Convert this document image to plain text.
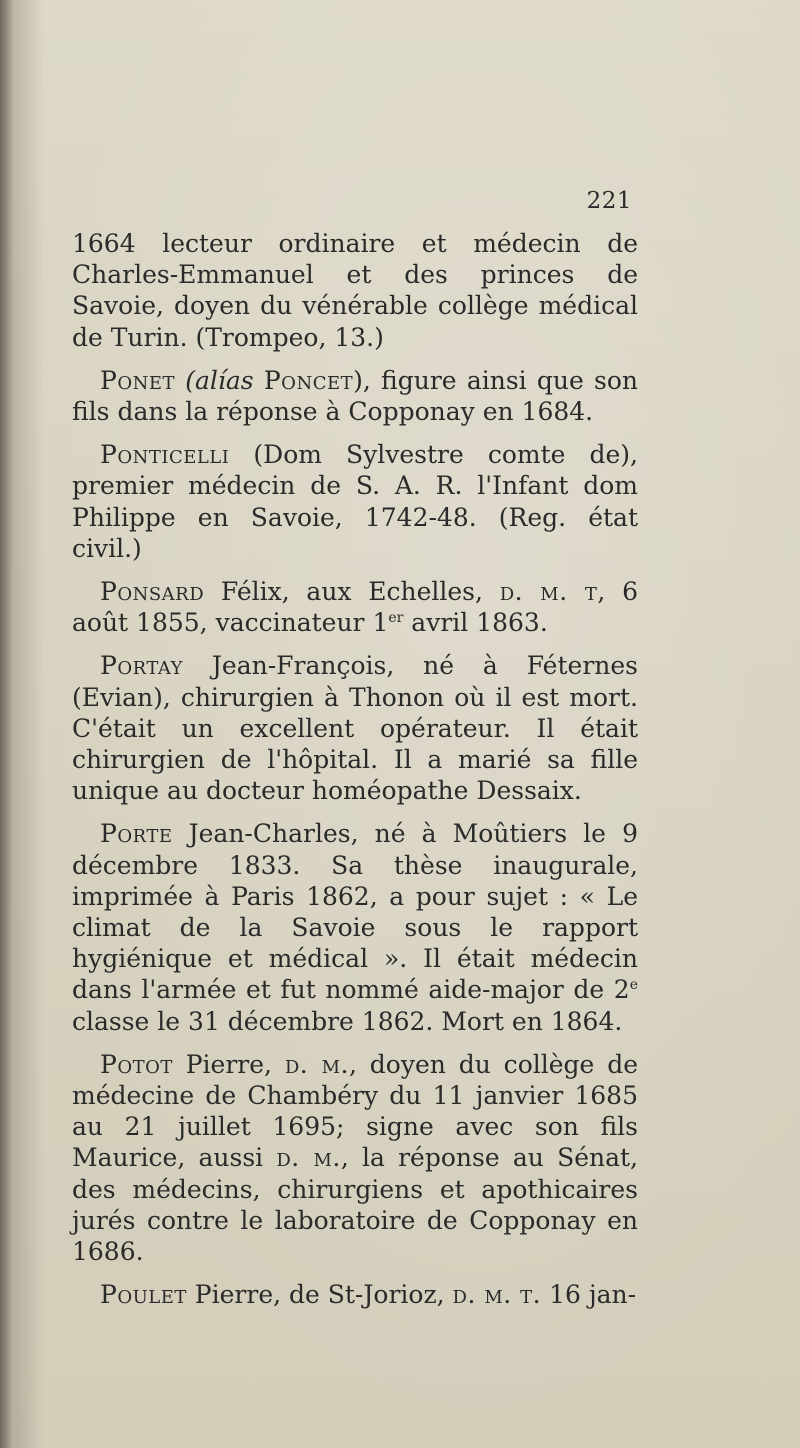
221

1664 lecteur ordinaire et médecin de Charles-Emmanuel et des princes de Savoie, doyen du vénérable collège médical de Turin. (Trompeo, 13.)

Ponet (alías Poncet), figure ainsi que son fils dans la réponse à Copponay en 1684.

Ponticelli (Dom Sylvestre comte de), premier médecin de S. A. R. l'Infant dom Philippe en Savoie, 1742-48. (Reg. état civil.)

Ponsard Félix, aux Echelles, d. m. t, 6 août 1855, vaccinateur 1er avril 1863.

Portay Jean-François, né à Féternes (Evian), chirurgien à Thonon où il est mort. C'était un excellent opérateur. Il était chirurgien de l'hôpital. Il a marié sa fille unique au docteur homéopathe Dessaix.

Porte Jean-Charles, né à Moûtiers le 9 décembre 1833. Sa thèse inaugurale, imprimée à Paris 1862, a pour sujet : « Le climat de la Savoie sous le rapport hygiénique et médical ». Il était médecin dans l'armée et fut nommé aide-major de 2e classe le 31 décembre 1862. Mort en 1864.

Potot Pierre, d. m., doyen du collège de médecine de Chambéry du 11 janvier 1685 au 21 juillet 1695; signe avec son fils Maurice, aussi d. m., la réponse au Sénat, des médecins, chirurgiens et apothicaires jurés contre le laboratoire de Copponay en 1686.

Poulet Pierre, de St-Jorioz, d. m. t. 16 jan-
